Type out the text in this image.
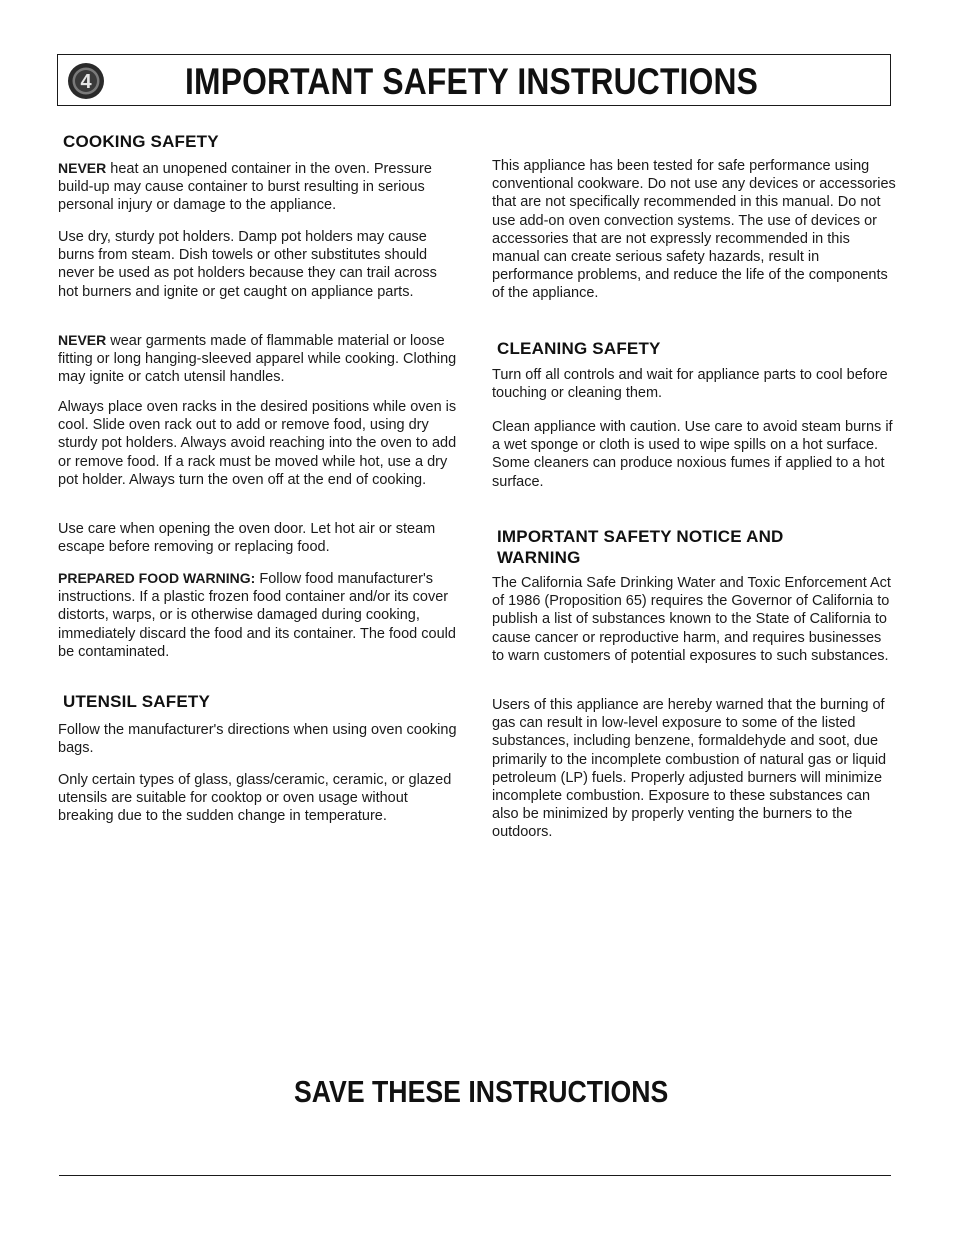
4	IMPORTANT SAFETY INSTRUCTIONS
COOKING SAFETY
NEVER heat an unopened container in the oven. Pressure build-up may cause container to burst resulting in serious personal injury or damage to the appliance.
Use dry, sturdy pot holders. Damp pot holders may cause burns from steam. Dish towels or other substitutes should never be used as pot holders because they can trail across hot burners and ignite or get caught on appliance parts.
NEVER wear garments made of flammable material or loose fitting or long hanging-sleeved apparel while cooking. Clothing may ignite or catch utensil handles.
Always place oven racks in the desired positions while oven is cool. Slide oven rack out to add or remove food, using dry sturdy pot holders. Always avoid reaching into the oven to add or remove food. If a rack must be moved while hot, use a dry pot holder. Always turn the oven off at the end of cooking.
Use care when opening the oven door. Let hot air or steam escape before removing or replacing food.
PREPARED FOOD WARNING: Follow food manufacturer's instructions. If a plastic frozen food container and/or its cover distorts, warps, or is otherwise damaged during cooking, immediately discard the food and its container. The food could be contaminated.
UTENSIL SAFETY
Follow the manufacturer's directions when using oven cooking bags.
Only certain types of glass, glass/ceramic, ceramic, or glazed utensils are suitable for cooktop or oven usage without breaking due to the sudden change in temperature.
This appliance has been tested for safe performance using conventional cookware. Do not use any devices or accessories that are not specifically recommended in this manual. Do not use add-on oven convection systems. The use of devices or accessories that are not expressly recommended in this manual can create serious safety hazards, result in performance problems, and reduce the life of the components of the appliance.
CLEANING SAFETY
Turn off all controls and wait for appliance parts to cool before touching or cleaning them.
Clean appliance with caution. Use care to avoid steam burns if a wet sponge or cloth is used to wipe spills on a hot surface. Some cleaners can produce noxious fumes if applied to a hot surface.
IMPORTANT SAFETY NOTICE AND
WARNING
The California Safe Drinking Water and Toxic Enforcement Act of 1986 (Proposition 65) requires the Governor of California to publish a list of substances known to the State of California to cause cancer or reproductive harm, and requires businesses to warn customers of potential exposures to such substances.
Users of this appliance are hereby warned that the burning of gas can result in low-level exposure to some of the listed substances, including benzene, formaldehyde and soot, due primarily to the incomplete combustion of natural gas or liquid petroleum (LP) fuels. Properly adjusted burners will minimize incomplete combustion. Exposure to these substances can also be minimized by properly venting the burners to the outdoors.
SAVE THESE INSTRUCTIONS
